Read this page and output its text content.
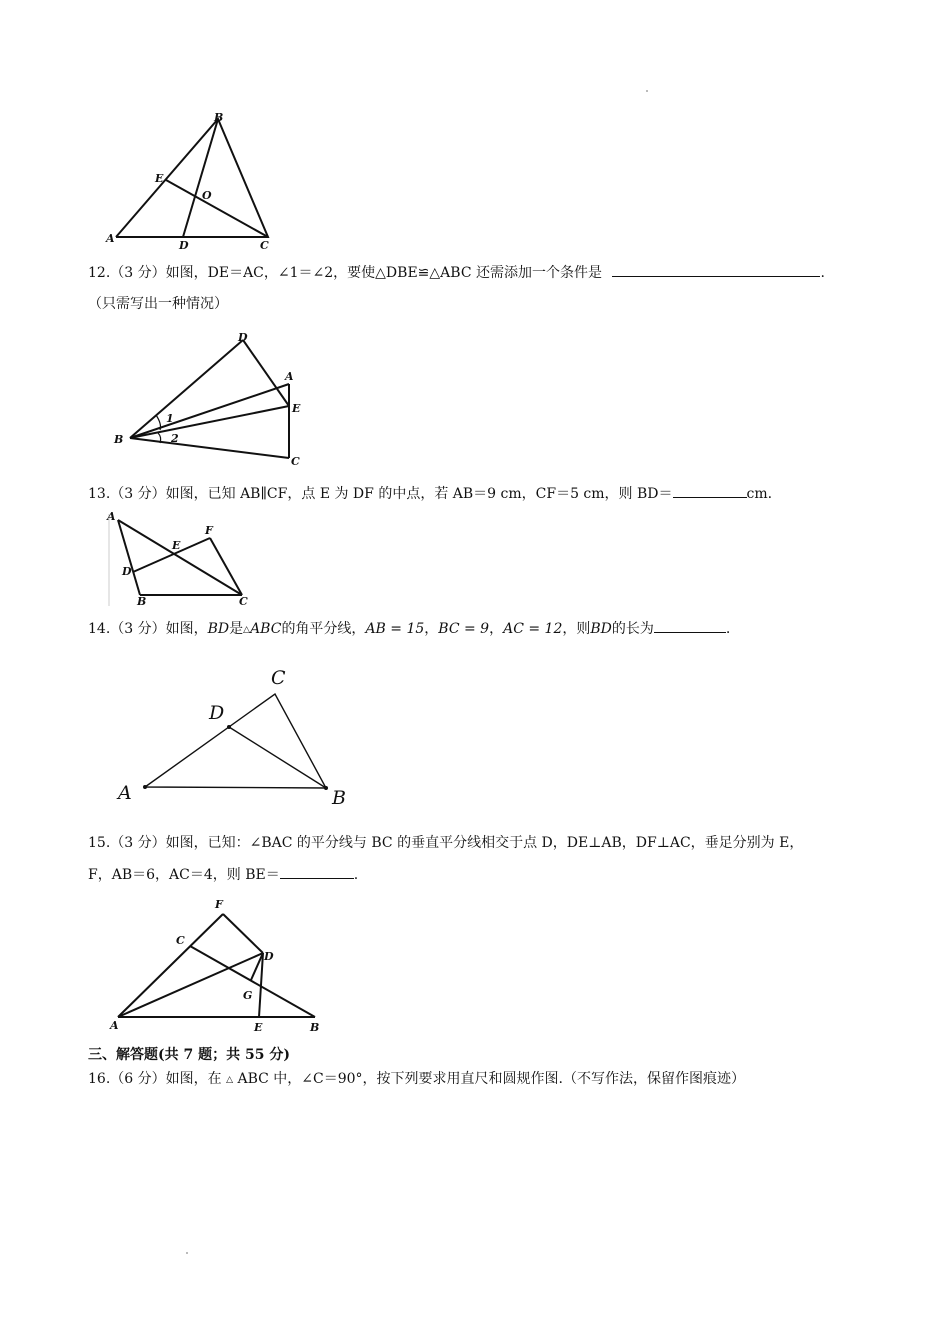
B
E
O
A
D	C
12.（3 分）如图，DE＝AC，∠1＝∠2，要使△DBE≌△ABC 还需添加一个条件是	.
（只需写出一种情况）
D
A
E
1
2
B
C
13.（3 分）如图，已知 AB∥CF，点 E 为 DF 的中点，若 AB＝9 cm，CF＝5 cm，则 BD＝	cm.
A
F
E
D
B	C
14.（3 分）如图，BD是△ABC的角平分线，AB = 15，BC = 9，AC = 12，则BD的长为	.
C
D
A	B
15.（3 分）如图，已知：∠BAC 的平分线与 BC 的垂直平分线相交于点 D，DE⊥AB，DF⊥AC，垂足分别为 E，
F，AB＝6，AC＝4，则 BE＝	.
F
C
D
G
A	E	B
三、解答题(共 7 题；共 55 分)
16.（6 分）如图，在 △ ABC 中，∠C＝90°，按下列要求用直尺和圆规作图.（不写作法，保留作图痕迹）
